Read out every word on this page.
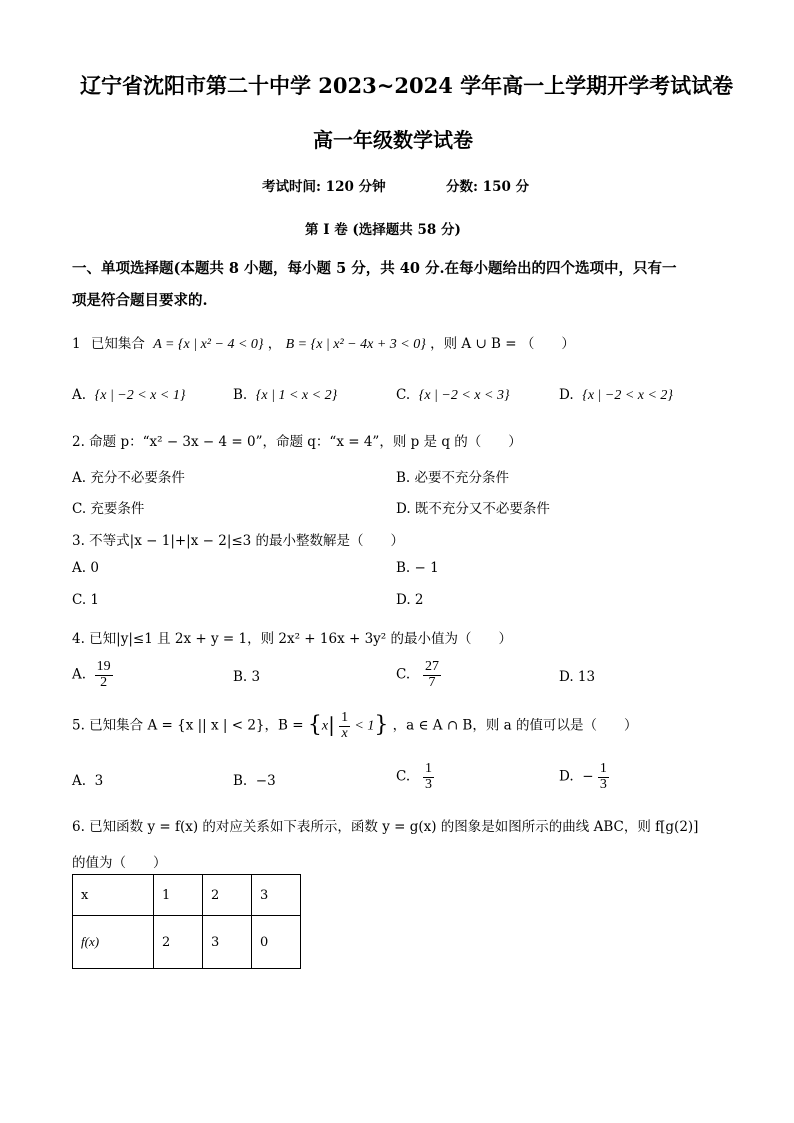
辽宁省沈阳市第二十中学 2023~2024 学年高一上学期开学考试试卷
高一年级数学试卷
考试时间: 120 分钟	分数: 150 分
第 I 卷 (选择题共 58 分)
一、单项选择题(本题共 8 小题，每小题 5 分，共 40 分.在每小题给出的四个选项中，只有一
项是符合题目要求的.
1 已知集合 A = {x | x² − 4 < 0} ， B = {x | x² − 4x + 3 < 0} ，则 A ∪ B = （　　）
A.  {x | −2 < x < 1}	B.  {x | 1 < x < 2}	C.  {x | −2 < x < 3}	D.  {x | −2 < x < 2}
2. 命题 p：“x² − 3x − 4 = 0”，命题 q：“x = 4”，则 p 是 q 的（　　）
A. 充分不必要条件	B. 必要不充分条件
C. 充要条件	D. 既不充分又不必要条件
3. 不等式|x − 1|+|x − 2|≤3 的最小整数解是（　　）
A. 0	B. − 1
C. 1	D. 2
4. 已知|y|≤1 且 2x + y = 1，则 2x² + 16x + 3y² 的最小值为（　　）
A. $\frac{19}{2}$	B. 3	C. $\frac{27}{7}$	D. 13
5. 已知集合 A = {x || x | < 2}，$B = \{x| \frac{1}{x} < 1\}$ ，a ∈ A ∩ B，则 a 的值可以是（　　）
A.  3	B.  −3	C. $\frac{1}{3}$	D.  − $\frac{1}{3}$
6. 已知函数 y = f(x) 的对应关系如下表所示，函数 y = g(x) 的图象是如图所示的曲线 ABC，则 f[g(2)]
的值为（　　）
x	1	2	3
f(x)	2	3	0
